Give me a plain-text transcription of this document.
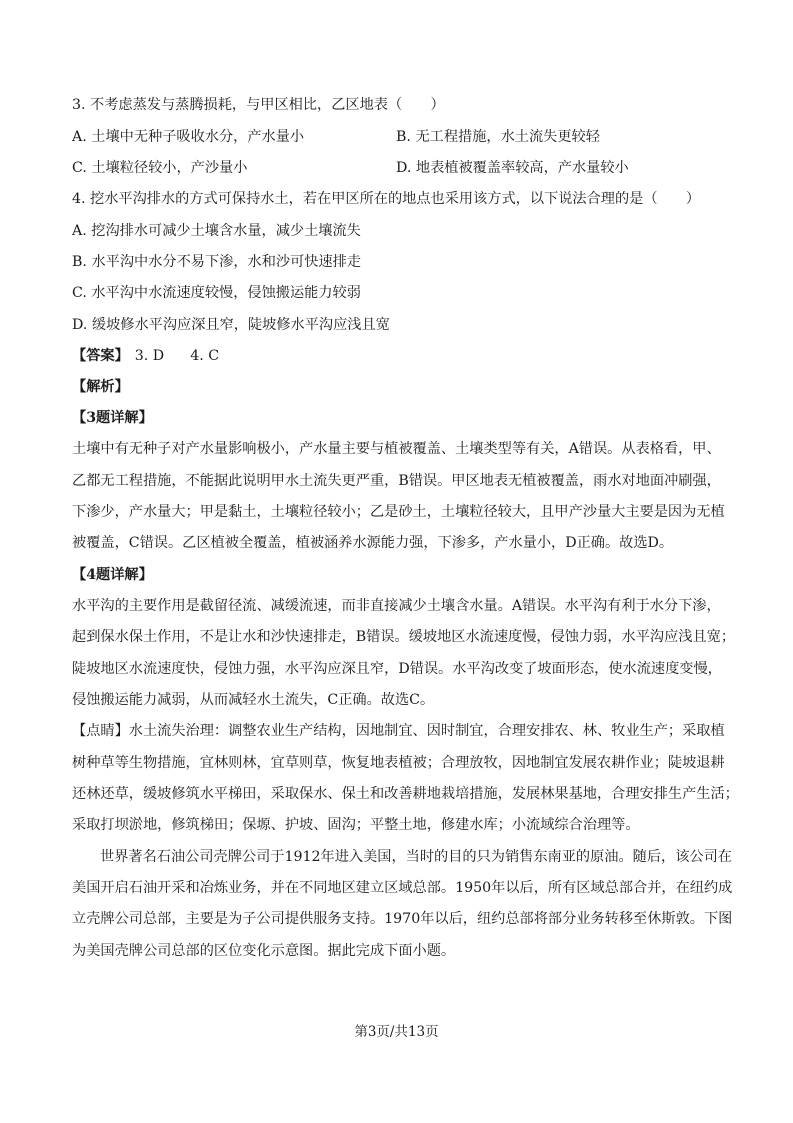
3. 不考虑蒸发与蒸腾损耗，与甲区相比，乙区地表（　　）
A. 土壤中无种子吸收水分，产水量小	B. 无工程措施，水土流失更较轻
C. 土壤粒径较小，产沙量小	D. 地表植被覆盖率较高，产水量较小
4. 挖水平沟排水的方式可保持水土，若在甲区所在的地点也采用该方式，以下说法合理的是（　　）
A. 挖沟排水可减少土壤含水量，减少土壤流失
B. 水平沟中水分不易下渗，水和沙可快速排走
C. 水平沟中水流速度较慢，侵蚀搬运能力较弱
D. 缓坡修水平沟应深且窄，陡坡修水平沟应浅且宽
【答案】 3. D 4. C
【解析】
【3题详解】
土壤中有无种子对产水量影响极小，产水量主要与植被覆盖、土壤类型等有关，A错误。从表格看，甲、
乙都无工程措施，不能据此说明甲水土流失更严重，B错误。甲区地表无植被覆盖，雨水对地面冲刷强，
下渗少，产水量大；甲是黏土，土壤粒径较小；乙是砂土，土壤粒径较大，且甲产沙量大主要是因为无植
被覆盖，C错误。乙区植被全覆盖，植被涵养水源能力强，下渗多，产水量小，D正确。故选D。
【4题详解】
水平沟的主要作用是截留径流、减缓流速，而非直接减少土壤含水量。A错误。水平沟有利于水分下渗，
起到保水保土作用，不是让水和沙快速排走，B错误。缓坡地区水流速度慢，侵蚀力弱，水平沟应浅且宽；
陡坡地区水流速度快，侵蚀力强，水平沟应深且窄，D错误。水平沟改变了坡面形态，使水流速度变慢，
侵蚀搬运能力减弱，从而减轻水土流失，C正确。故选C。
【点睛】水土流失治理：调整农业生产结构，因地制宜、因时制宜，合理安排农、林、牧业生产；采取植
树种草等生物措施，宜林则林，宜草则草，恢复地表植被；合理放牧，因地制宜发展农耕作业；陡坡退耕
还林还草，缓坡修筑水平梯田，采取保水、保土和改善耕地栽培措施，发展林果基地，合理安排生产生活；
采取打坝淤地，修筑梯田；保塬、护坡、固沟；平整土地，修建水库；小流域综合治理等。
世界著名石油公司壳牌公司于1912年进入美国，当时的目的只为销售东南亚的原油。随后，该公司在
美国开启石油开采和冶炼业务，并在不同地区建立区域总部。1950年以后，所有区域总部合并，在纽约成
立壳牌公司总部，主要是为子公司提供服务支持。1970年以后，纽约总部将部分业务转移至休斯敦。下图
为美国壳牌公司总部的区位变化示意图。据此完成下面小题。
第3页/共13页
